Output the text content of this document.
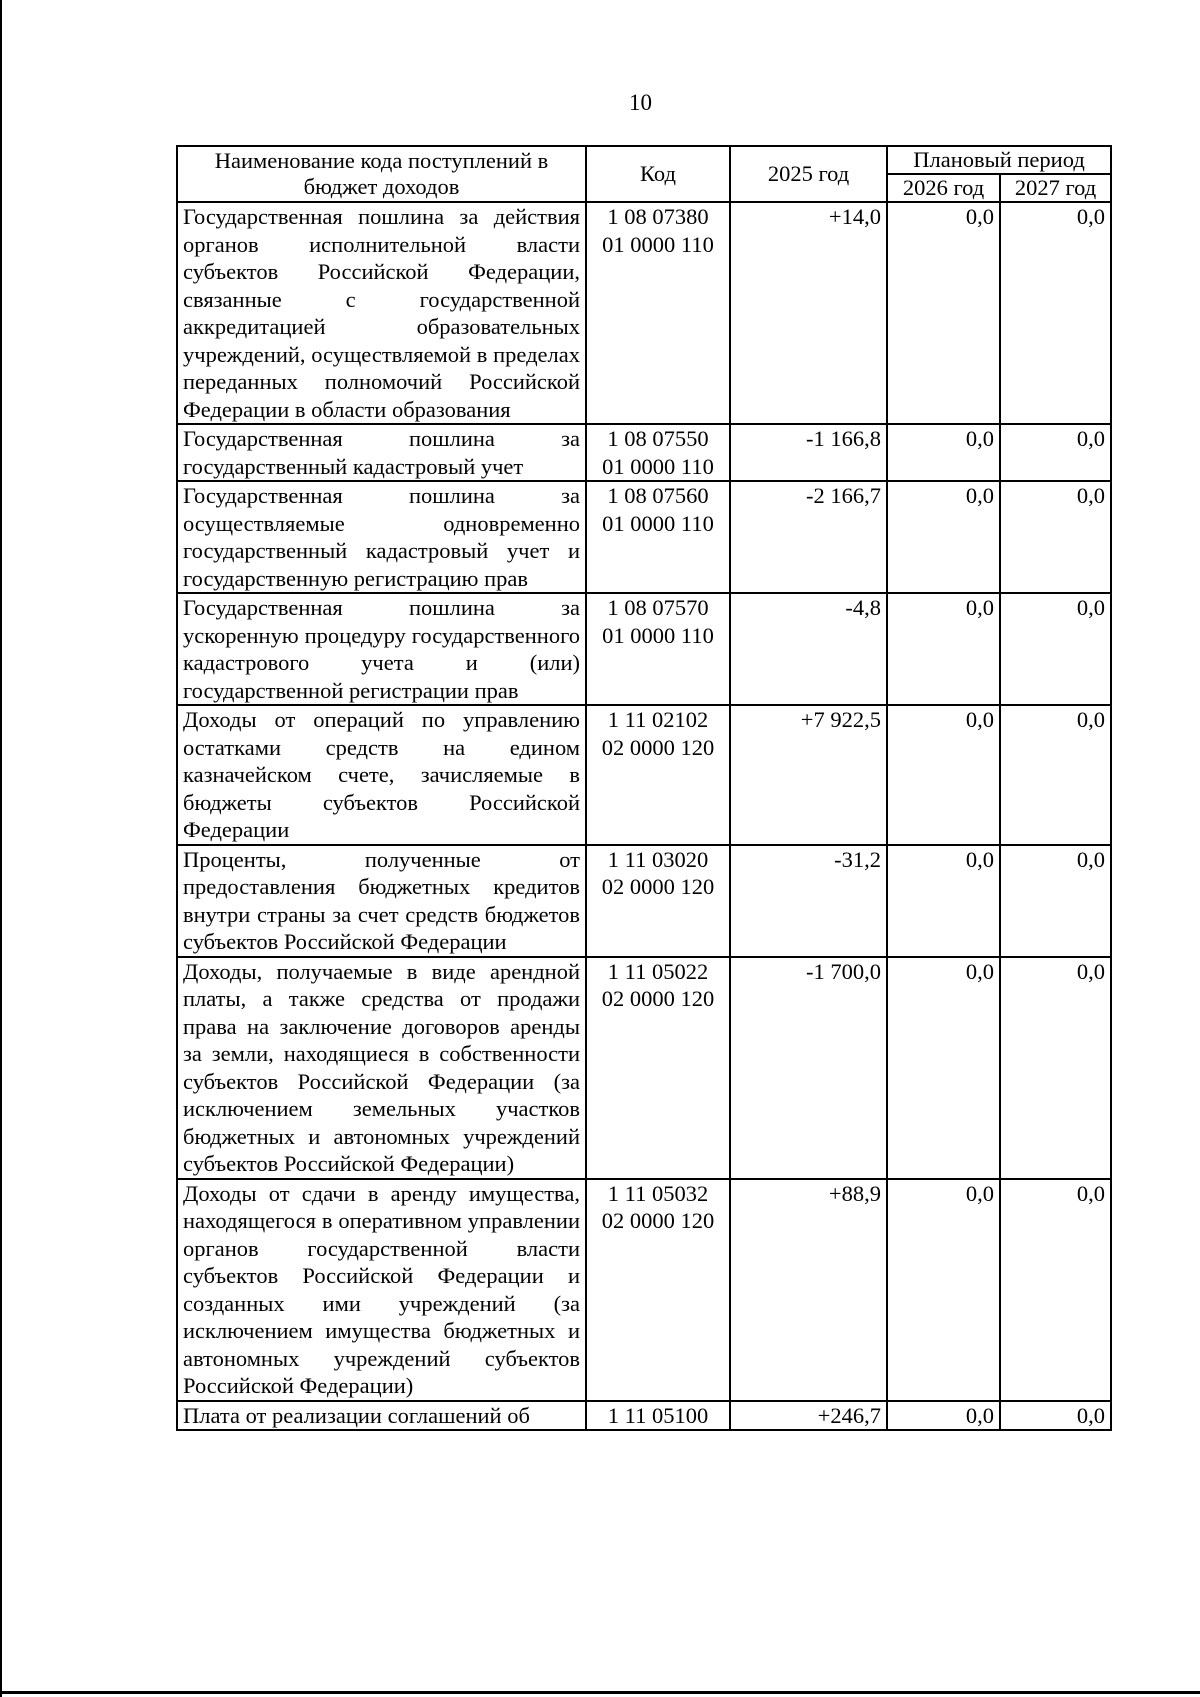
10
Наименование кода поступлений в бюджет доходов	Код	2025 год	Плановый период	
			2026 год	2027 год
Государственная пошлина за действия органов исполнительной власти субъектов Российской Федерации, связанные с государственной аккредитацией образовательных учреждений, осуществляемой в пределах переданных полномочий Российской Федерации в области образования	1 08 07380
01 0000 110	+14,0	0,0	0,0
Государственная пошлина за государственный кадастровый учет	1 08 07550
01 0000 110	-1 166,8	0,0	0,0
Государственная пошлина за осуществляемые одновременно государственный кадастровый учет и государственную регистрацию прав	1 08 07560
01 0000 110	-2 166,7	0,0	0,0
Государственная пошлина за ускоренную процедуру государственного кадастрового учета и (или) государственной регистрации прав	1 08 07570
01 0000 110	-4,8	0,0	0,0
Доходы от операций по управлению остатками средств на едином казначейском счете, зачисляемые в бюджеты субъектов Российской Федерации	1 11 02102
02 0000 120	+7 922,5	0,0	0,0
Проценты, полученные от предоставления бюджетных кредитов внутри страны за счет средств бюджетов субъектов Российской Федерации	1 11 03020
02 0000 120	-31,2	0,0	0,0
Доходы, получаемые в виде арендной платы, а также средства от продажи права на заключение договоров аренды за земли, находящиеся в собственности субъектов Российской Федерации (за исключением земельных участков бюджетных и автономных учреждений субъектов Российской Федерации)	1 11 05022
02 0000 120	-1 700,0	0,0	0,0
Доходы от сдачи в аренду имущества, находящегося в оперативном управлении органов государственной власти субъектов Российской Федерации и созданных ими учреждений (за исключением имущества бюджетных и автономных учреждений субъектов Российской Федерации)	1 11 05032
02 0000 120	+88,9	0,0	0,0
Плата от реализации соглашений об	1 11 05100	+246,7	0,0	0,0
